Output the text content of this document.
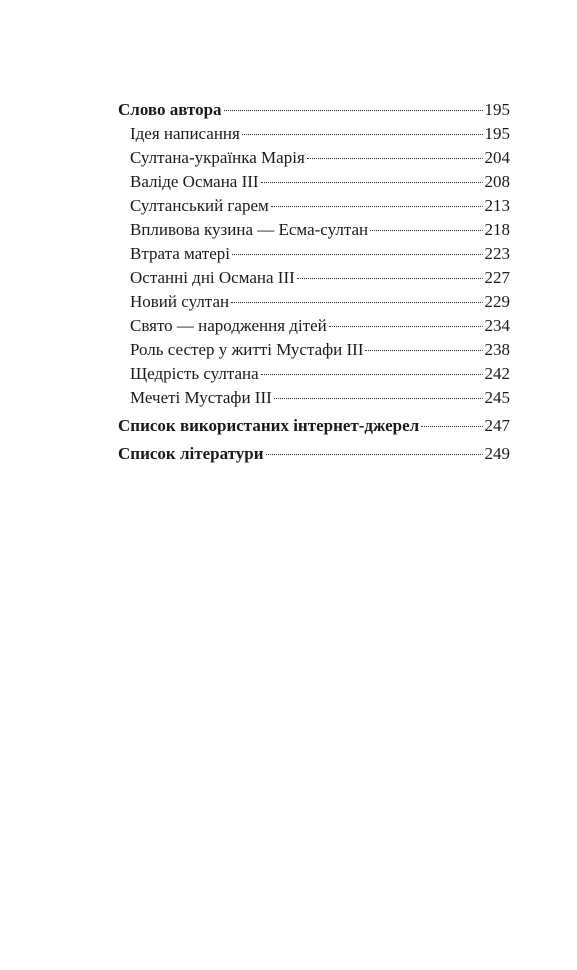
Слово автора	195
Ідея написання	195
Султана-українка Марія	204
Валіде Османа ІІІ	208
Султанський гарем	213
Впливова кузина — Есма-султан	218
Втрата матері	223
Останні дні Османа ІІІ	227
Новий султан	229
Свято — народження дітей	234
Роль сестер у житті Мустафи ІІІ	238
Щедрість султана	242
Мечеті Мустафи ІІІ	245
Список використаних інтернет-джерел	247
Список літератури	249
